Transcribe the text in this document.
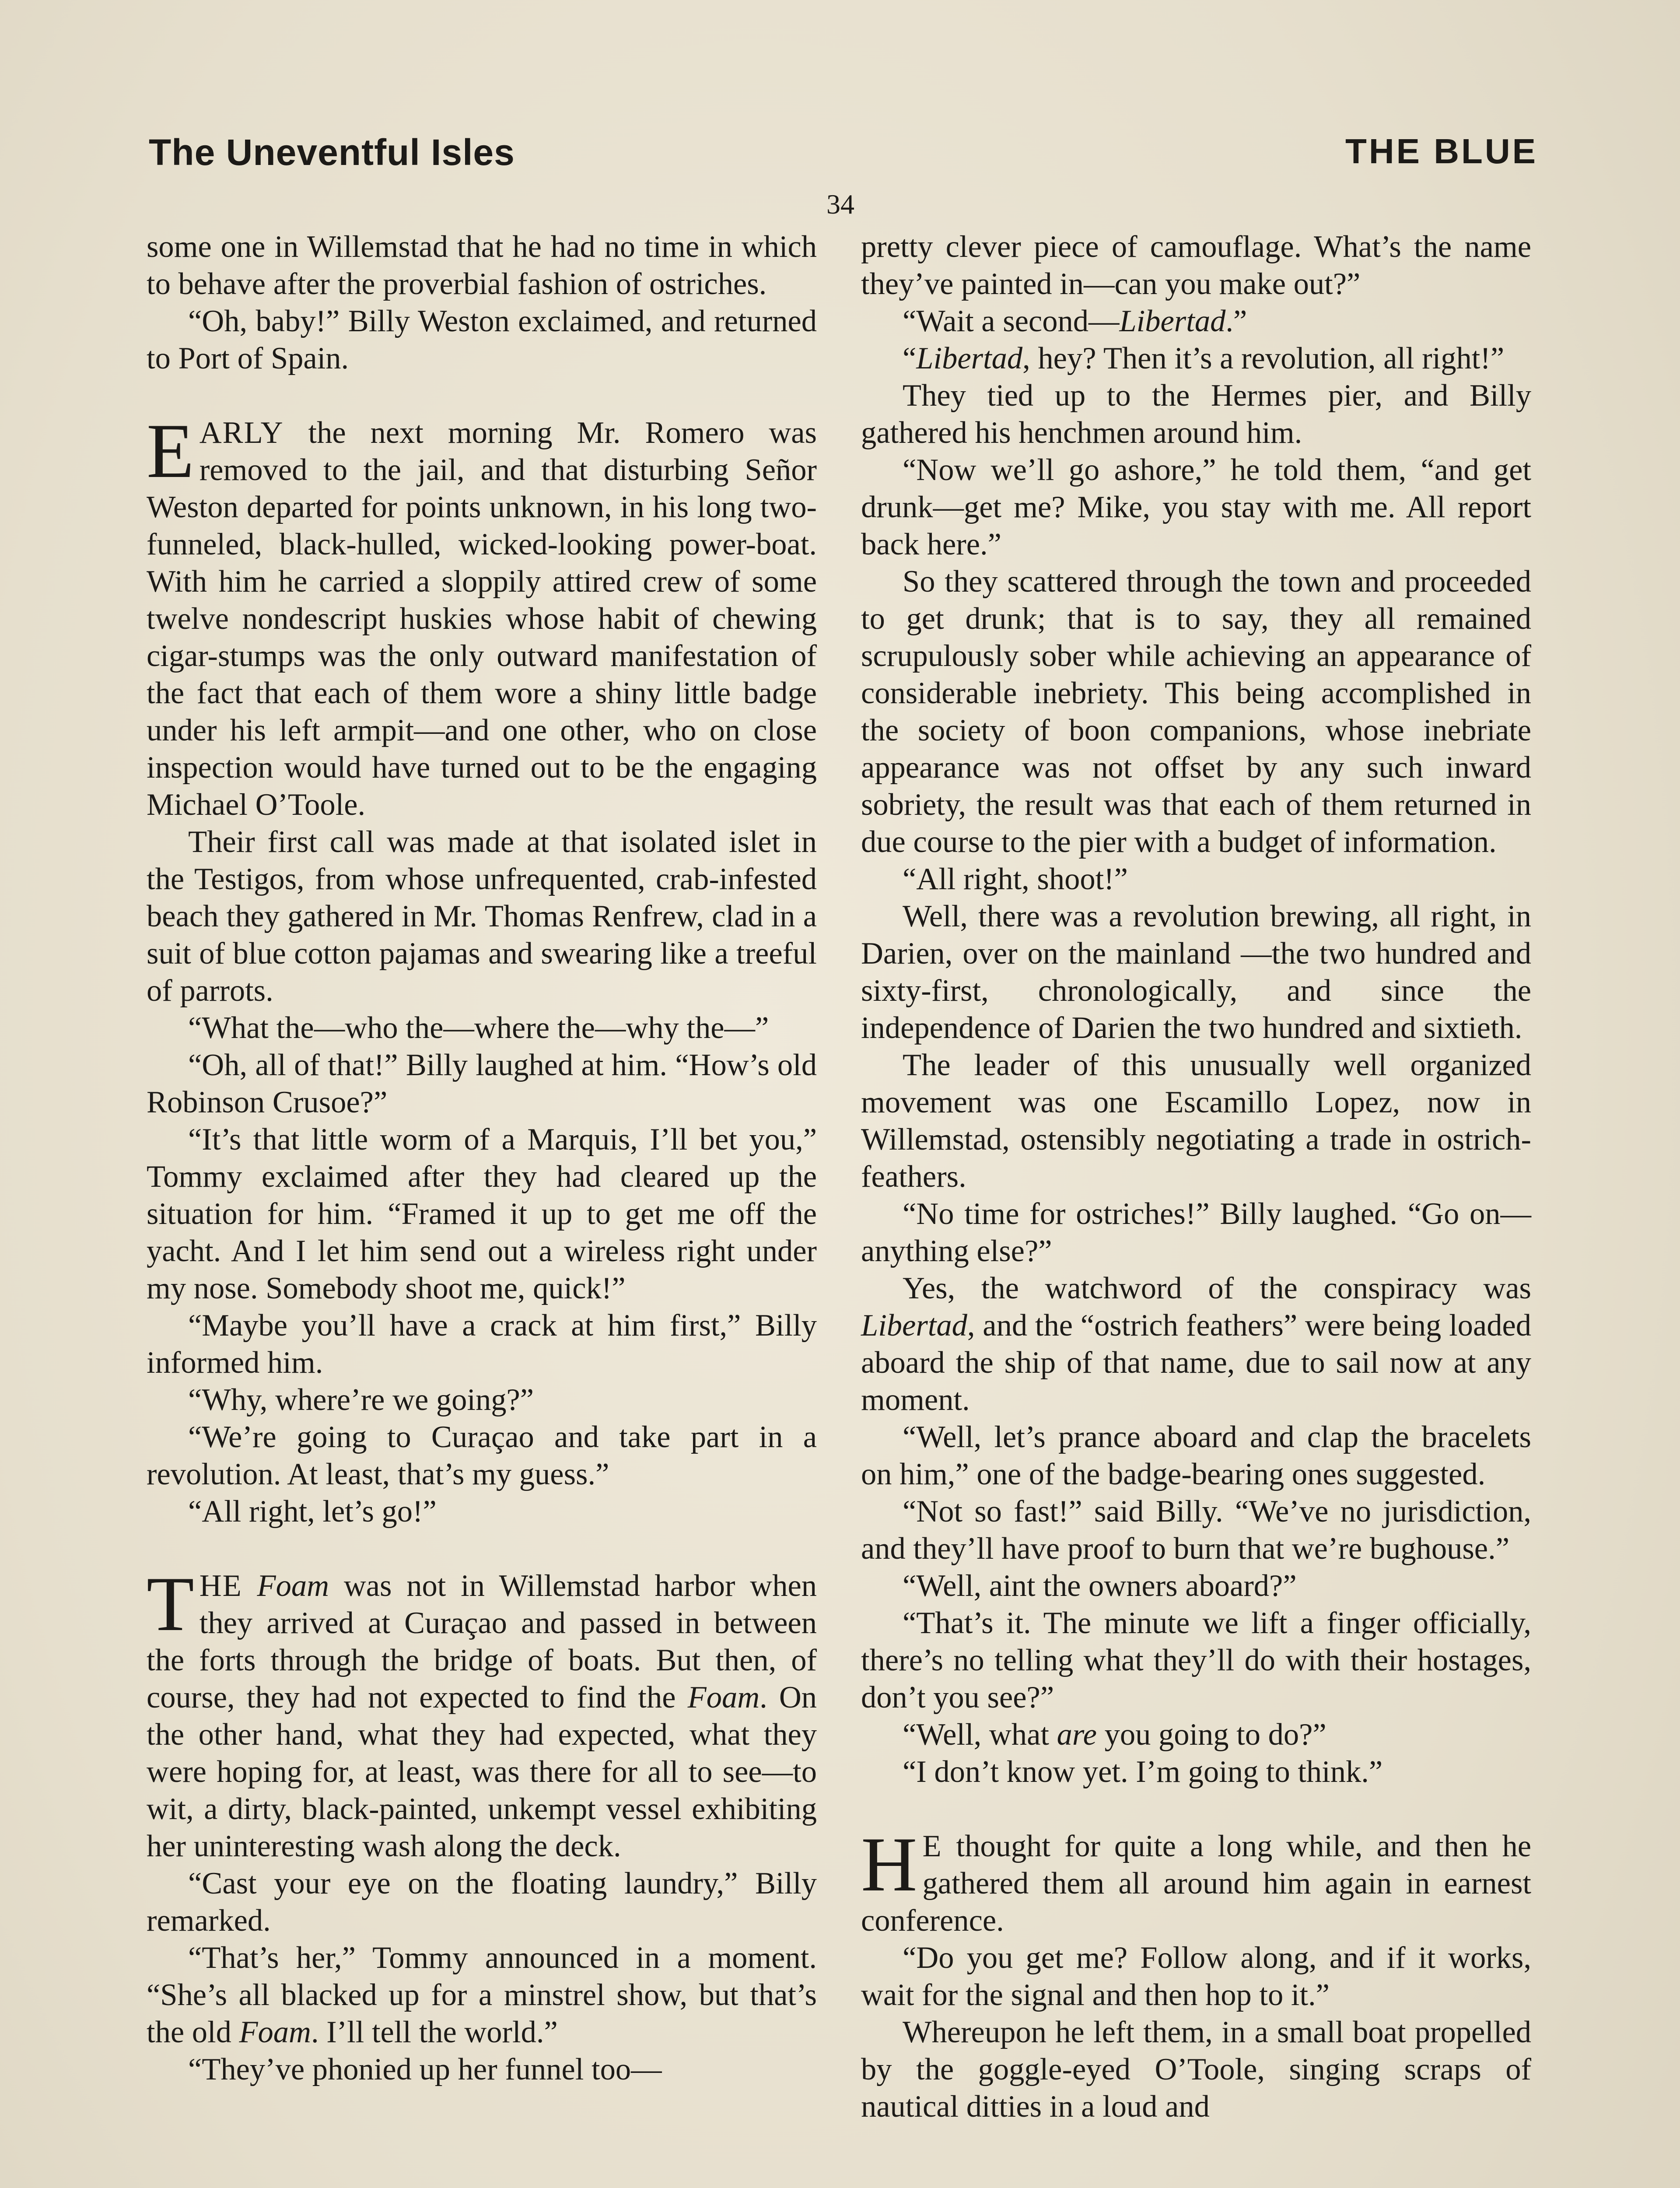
The Uneventful Isles	THE BLUE
34

some one in Willemstad that he had no time in which to behave after the proverbial fashion of ostriches.

“Oh, baby!” Billy Weston exclaimed, and returned to Port of Spain.

EARLY the next morning Mr. Romero was removed to the jail, and that disturbing Señor Weston departed for points unknown, in his long two-funneled, black-hulled, wicked-looking power-boat. With him he carried a sloppily attired crew of some twelve nondescript huskies whose habit of chewing cigar-stumps was the only outward manifestation of the fact that each of them wore a shiny little badge under his left armpit—and one other, who on close inspection would have turned out to be the engaging Michael O’Toole.

Their first call was made at that isolated islet in the Testigos, from whose unfrequented, crab-infested beach they gathered in Mr. Thomas Renfrew, clad in a suit of blue cotton pajamas and swearing like a treeful of parrots.

“What the—who the—where the—why the—”

“Oh, all of that!” Billy laughed at him. “How’s old Robinson Crusoe?”

“It’s that little worm of a Marquis, I’ll bet you,” Tommy exclaimed after they had cleared up the situation for him. “Framed it up to get me off the yacht. And I let him send out a wireless right under my nose. Somebody shoot me, quick!”

“Maybe you’ll have a crack at him first,” Billy informed him.

“Why, where’re we going?”

“We’re going to Curaçao and take part in a revolution. At least, that’s my guess.”

“All right, let’s go!”

THE Foam was not in Willemstad harbor when they arrived at Curaçao and passed in between the forts through the bridge of boats. But then, of course, they had not expected to find the Foam. On the other hand, what they had expected, what they were hoping for, at least, was there for all to see—to wit, a dirty, black-painted, unkempt vessel exhibiting her uninteresting wash along the deck.

“Cast your eye on the floating laundry,” Billy remarked.

“That’s her,” Tommy announced in a moment. “She’s all blacked up for a minstrel show, but that’s the old Foam. I’ll tell the world.”

“They’ve phonied up her funnel too—

pretty clever piece of camouflage. What’s the name they’ve painted in—can you make out?”

“Wait a second—Libertad.”

“Libertad, hey? Then it’s a revolution, all right!”

They tied up to the Hermes pier, and Billy gathered his henchmen around him.

“Now we’ll go ashore,” he told them, “and get drunk—get me? Mike, you stay with me. All report back here.”

So they scattered through the town and proceeded to get drunk; that is to say, they all remained scrupulously sober while achieving an appearance of considerable inebriety. This being accomplished in the society of boon companions, whose inebriate appearance was not offset by any such inward sobriety, the result was that each of them returned in due course to the pier with a budget of information.

“All right, shoot!”

Well, there was a revolution brewing, all right, in Darien, over on the mainland —the two hundred and sixty-first, chronologically, and since the independence of Darien the two hundred and sixtieth.

The leader of this unusually well organized movement was one Escamillo Lopez, now in Willemstad, ostensibly negotiating a trade in ostrich-feathers.

“No time for ostriches!” Billy laughed. “Go on—anything else?”

Yes, the watchword of the conspiracy was Libertad, and the “ostrich feathers” were being loaded aboard the ship of that name, due to sail now at any moment.

“Well, let’s prance aboard and clap the bracelets on him,” one of the badge-bearing ones suggested.

“Not so fast!” said Billy. “We’ve no jurisdiction, and they’ll have proof to burn that we’re bughouse.”

“Well, aint the owners aboard?”

“That’s it. The minute we lift a finger officially, there’s no telling what they’ll do with their hostages, don’t you see?”

“Well, what are you going to do?”

“I don’t know yet. I’m going to think.”

H E thought for quite a long while, and then he gathered them all around him again in earnest conference.

“Do you get me? Follow along, and if it works, wait for the signal and then hop to it.”

Whereupon he left them, in a small boat propelled by the goggle-eyed O’Toole, singing scraps of nautical ditties in a loud and
